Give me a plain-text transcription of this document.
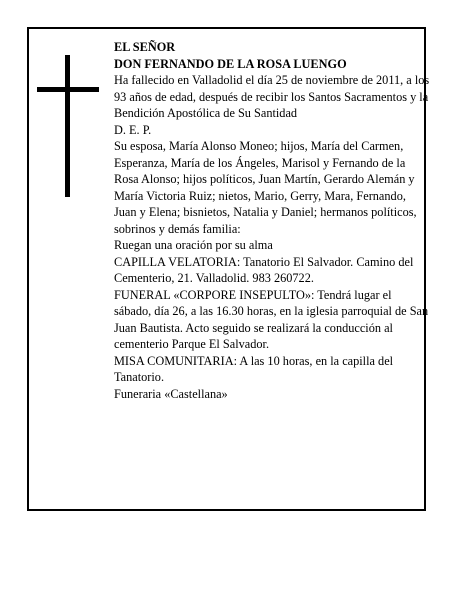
EL SEÑOR

DON FERNANDO DE LA ROSA LUENGO

Ha fallecido en Valladolid el día 25 de noviembre de 2011, a los 93 años de edad, después de recibir los Santos Sacramentos y la Bendición Apostólica de Su Santidad

D. E. P.

Su esposa, María Alonso Moneo; hijos, María del Carmen, Esperanza, María de los Ángeles, Marisol y Fernando de la Rosa Alonso; hijos políticos, Juan Martín, Gerardo Alemán y María Victoria Ruiz; nietos, Mario, Gerry, Mara, Fernando, Juan y Elena; bisnietos, Natalia y Daniel; hermanos políticos, sobrinos y demás familia:

Ruegan una oración por su alma

CAPILLA VELATORIA: Tanatorio El Salvador. Camino del Cementerio, 21. Valladolid. 983 260722.

FUNERAL «CORPORE INSEPULTO»: Tendrá lugar el sábado, día 26, a las 16.30 horas, en la iglesia parroquial de San Juan Bautista. Acto seguido se realizará la conducción al cementerio Parque El Salvador.

MISA COMUNITARIA: A las 10 horas, en la capilla del Tanatorio.

Funeraria «Castellana»
